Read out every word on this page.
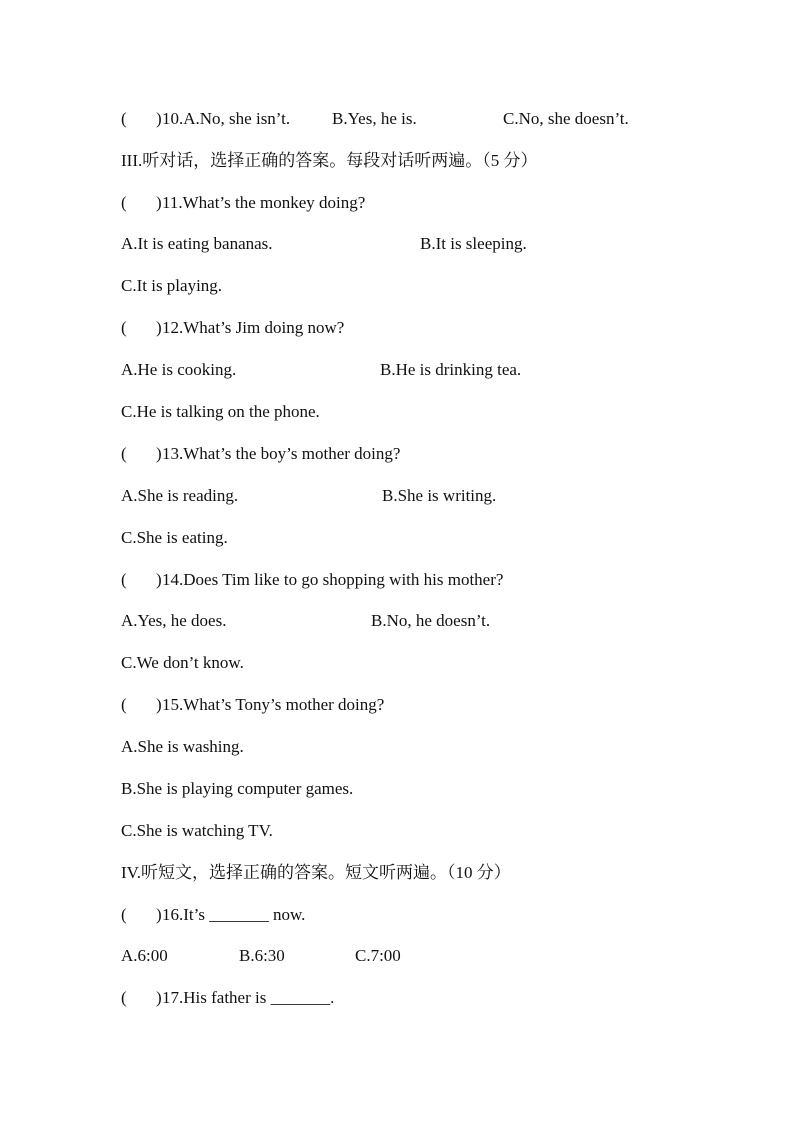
( ) 10.A.No, she isn’t. B.Yes, he is.	C.No, she doesn’t.
III.听对话，选择正确的答案。每段对话听两遍。（5 分）
( ) 11.What’s the monkey doing?
A.It is eating bananas.	B.It is sleeping.
C.It is playing.
( ) 12.What’s Jim doing now?
A.He is cooking.	B.He is drinking tea.
C.He is talking on the phone.
( ) 13.What’s the boy’s mother doing?
A.She is reading.	B.She is writing.
C.She is eating.
( ) 14.Does Tim like to go shopping with his mother?
A.Yes, he does.	B.No, he doesn’t.
C.We don’t know.
( ) 15.What’s Tony’s mother doing?
A.She is washing.
B.She is playing computer games.
C.She is watching TV.
IV.听短文，选择正确的答案。短文听两遍。（10 分）
( ) 16.It’s _______ now.
A.6:00	B.6:30	C.7:00
( ) 17.His father is _______.
